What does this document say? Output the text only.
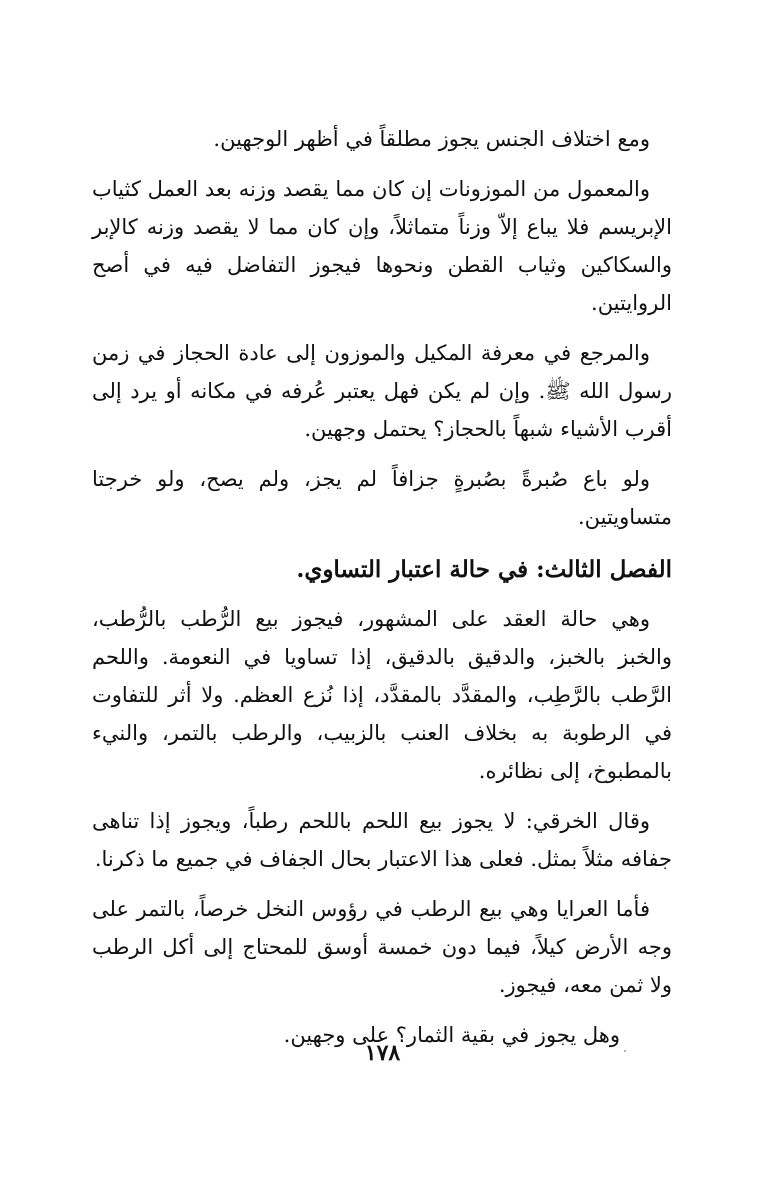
ومع اختلاف الجنس يجوز مطلقاً في أظهر الوجهين.

والمعمول من الموزونات إن كان مما يقصد وزنه بعد العمل كثياب الإبريسم فلا يباع إلاّ وزناً متماثلاً، وإن كان مما لا يقصد وزنه كالإبر والسكاكين وثياب القطن ونحوها فيجوز التفاضل فيه في أصح الروايتين.

والمرجع في معرفة المكيل والموزون إلى عادة الحجاز في زمن رسول الله ﷺ. وإن لم يكن فهل يعتبر عُرفه في مكانه أو يرد إلى أقرب الأشياء شبهاً بالحجاز؟ يحتمل وجهين.

ولو باع صُبرةً بصُبرةٍ جزافاً لم يجز، ولم يصح، ولو خرجتا متساويتين.

الفصل الثالث: في حالة اعتبار التساوي.

وهي حالة العقد على المشهور، فيجوز بيع الرُّطب بالرُّطب، والخبز بالخبز، والدقيق بالدقيق، إذا تساويا في النعومة. واللحم الرَّطب بالرَّطِب، والمقدَّد بالمقدَّد، إذا نُزع العظم. ولا أثر للتفاوت في الرطوبة به بخلاف العنب بالزبيب، والرطب بالتمر، والنيء بالمطبوخ، إلى نظائره.

وقال الخرقي: لا يجوز بيع اللحم باللحم رطباً، ويجوز إذا تناهى جفافه مثلاً بمثل. فعلى هذا الاعتبار بحال الجفاف في جميع ما ذكرنا.

فأما العرايا وهي بيع الرطب في رؤوس النخل خرصاً، بالتمر على وجه الأرض كيلاً، فيما دون خمسة أوسق للمحتاج إلى أكل الرطب ولا ثمن معه، فيجوز.

وهل يجوز في بقية الثمار؟ على وجهين.

١٧٨
